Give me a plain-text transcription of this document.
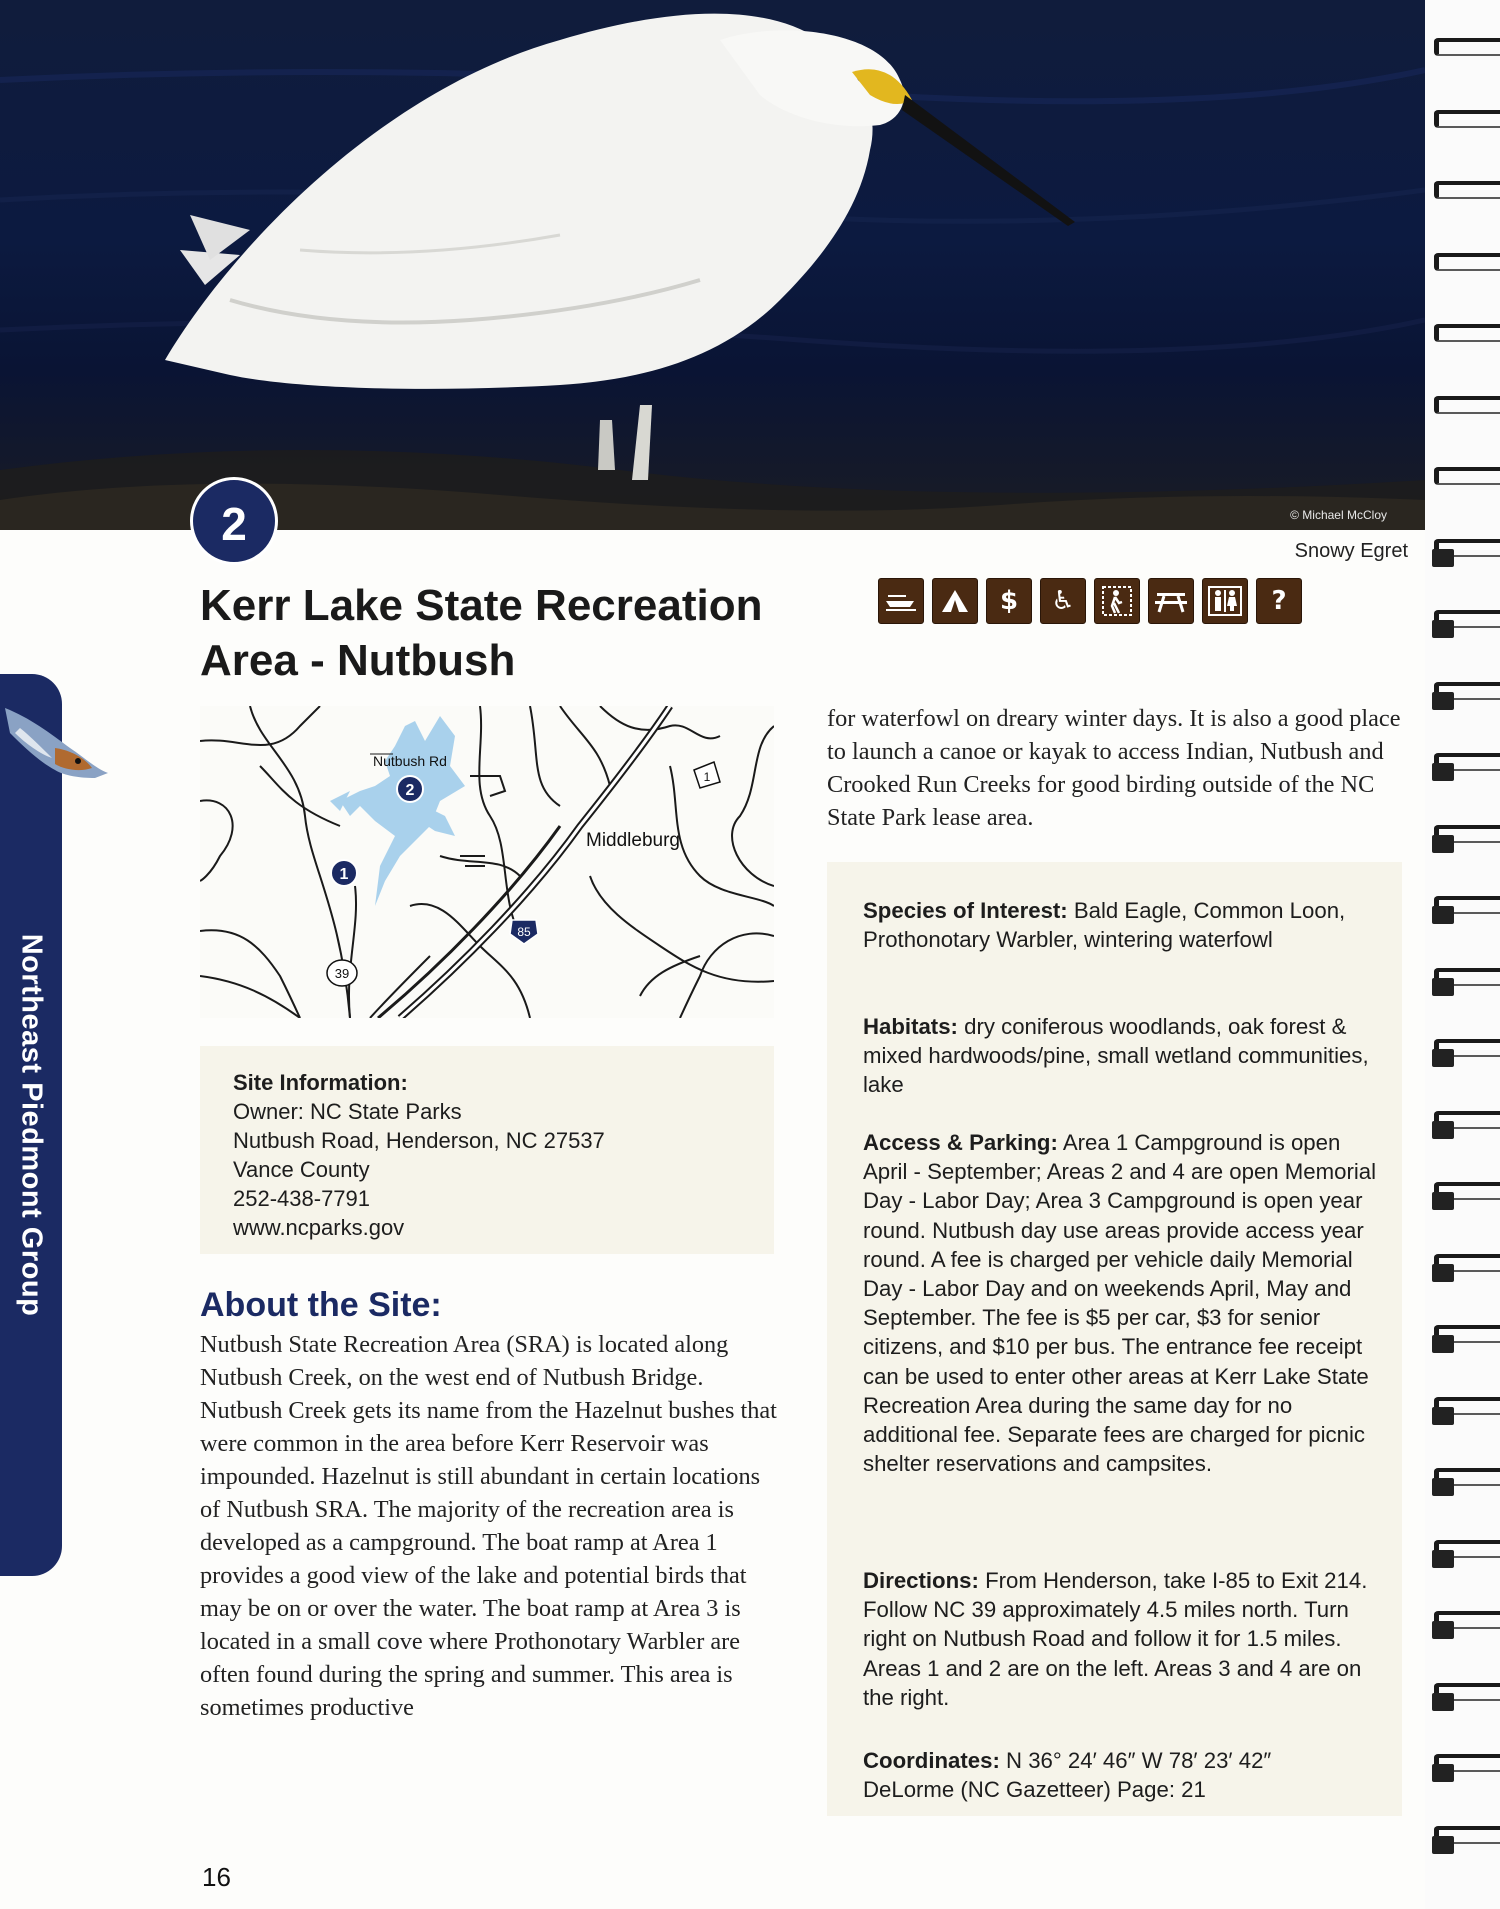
© Michael McCloy
2
Snowy Egret
Northeast Piedmont Group
Kerr Lake State Recreation
Area - Nutbush
$	♿	?
Nutbush Rd
Middleburg
2
1
39
85
1
Site Information:
Owner: NC State Parks
Nutbush Road, Henderson, NC 27537
Vance County
252-438-7791
www.ncparks.gov
About the Site:

Nutbush State Recreation Area (SRA) is located along Nutbush Creek, on the west end of Nutbush Bridge. Nutbush Creek gets its name from the Hazelnut bushes that were common in the area before Kerr Reservoir was impounded. Hazelnut is still abundant in certain locations of Nutbush SRA. The majority of the recreation area is developed as a campground. The boat ramp at Area 1 provides a good view of the lake and potential birds that may be on or over the water. The boat ramp at Area 3 is located in a small cove where Prothonotary Warbler are often found during the spring and summer. This area is sometimes productive

for waterfowl on dreary winter days. It is also a good place to launch a canoe or kayak to access Indian, Nutbush and Crooked Run Creeks for good birding outside of the NC State Park lease area.

Species of Interest: Bald Eagle, Common Loon, Prothonotary Warbler, wintering waterfowl

Habitats: dry coniferous woodlands, oak forest & mixed hardwoods/pine, small wetland communities, lake

Access & Parking: Area 1 Campground is open April - September; Areas 2 and 4 are open Memorial Day - Labor Day; Area 3 Campground is open year round. Nutbush day use areas provide access year round. A fee is charged per vehicle daily Memorial Day - Labor Day and on weekends April, May and September. The fee is $5 per car, $3 for senior citizens, and $10 per bus. The entrance fee receipt can be used to enter other areas at Kerr Lake State Recreation Area during the same day for no additional fee. Separate fees are charged for picnic shelter reservations and campsites.

Directions: From Henderson, take I-85 to Exit 214. Follow NC 39 approximately 4.5 miles north. Turn right on Nutbush Road and follow it for 1.5 miles. Areas 1 and 2 are on the left. Areas 3 and 4 are on the right.

Coordinates: N 36° 24′ 46″ W 78′ 23′ 42″
DeLorme (NC Gazetteer) Page: 21

16
